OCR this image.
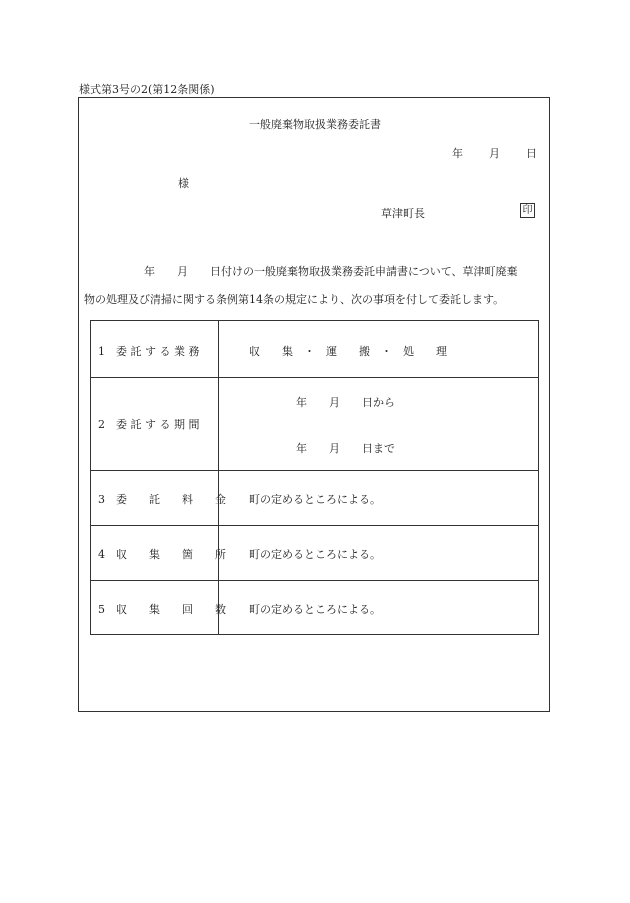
様式第3号の2(第12条関係)
一般廃棄物取扱業務委託書
年 月 日
様
草津町長	印
年　　月　　日付けの一般廃棄物取扱業務委託申請書について、草津町廃棄
物の処理及び清掃に関する条例第14条の規定により、次の事項を付して委託します。
1　委 託 す る 業 務	収　　集　・　運　　搬　・　処　　理
2　委 託 す る 期 間
年　　月　　日から
年　　月　　日まで
3　委　　託　　料　　金 町の定めるところによる。
4　収　　集　　箇　　所 町の定めるところによる。
5　収　　集　　回　　数 町の定めるところによる。
